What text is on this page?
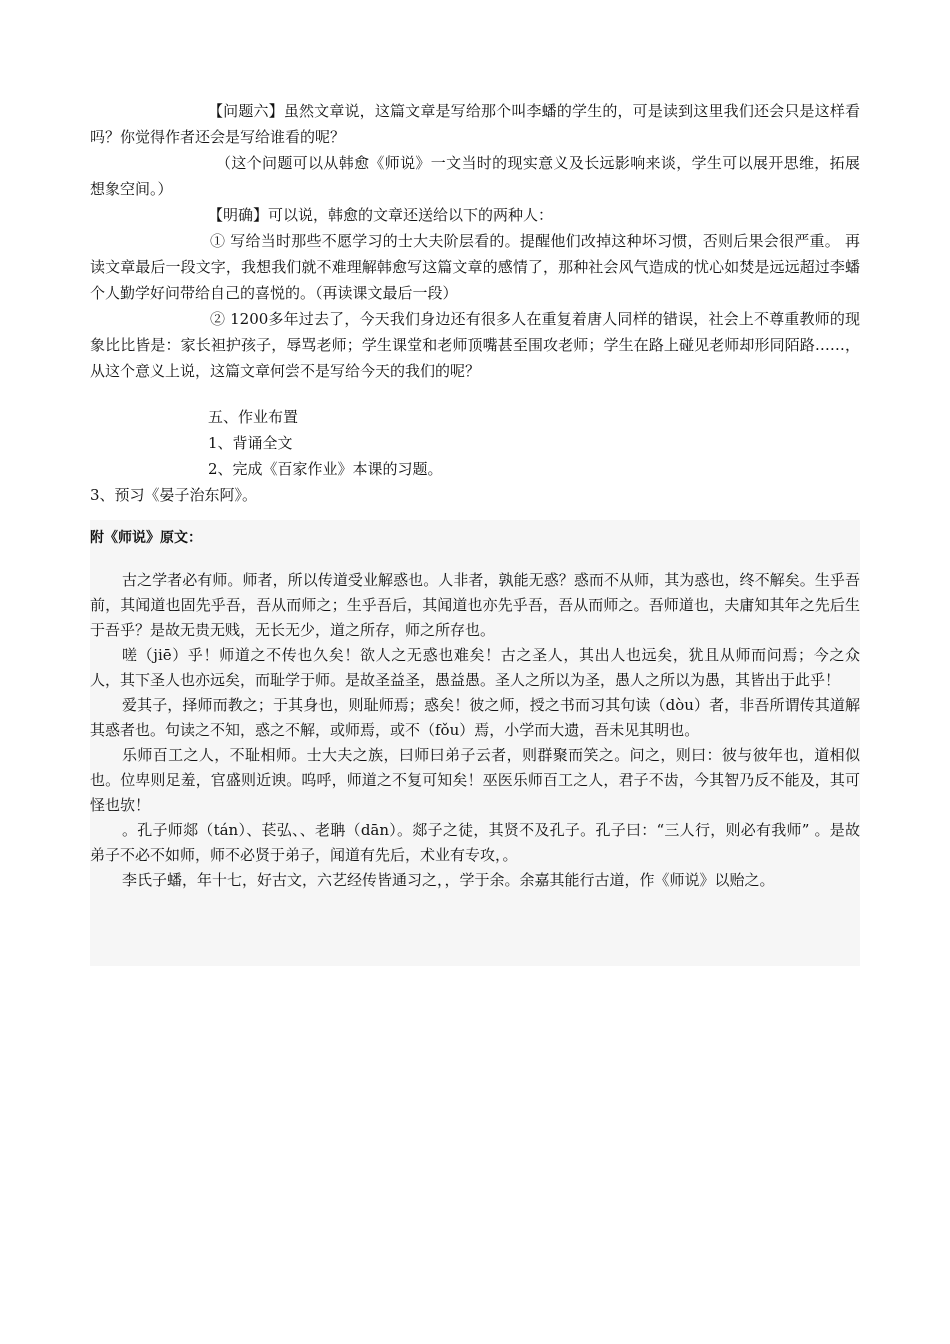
【问题六】虽然文章说，这篇文章是写给那个叫李蟠的学生的，可是读到这里我们还会只是这样看吗？你觉得作者还会是写给谁看的呢？

（这个问题可以从韩愈《师说》一文当时的现实意义及长远影响来谈，学生可以展开思维，拓展想象空间。）

【明确】可以说，韩愈的文章还送给以下的两种人：

① 写给当时那些不愿学习的士大夫阶层看的。提醒他们改掉这种坏习惯，否则后果会很严重。 再读文章最后一段文字，我想我们就不难理解韩愈写这篇文章的感情了，那种社会风气造成的忧心如焚是远远超过李蟠个人勤学好问带给自己的喜悦的。（再读课文最后一段）

② 1200多年过去了，今天我们身边还有很多人在重复着唐人同样的错误，社会上不尊重教师的现象比比皆是：家长袒护孩子，辱骂老师；学生课堂和老师顶嘴甚至围攻老师；学生在路上碰见老师却形同陌路……，从这个意义上说，这篇文章何尝不是写给今天的我们的呢？

五、作业布置

1、背诵全文

2、完成《百家作业》本课的习题。

3、预习《晏子治东阿》。

附《师说》原文：

古之学者必有师。师者，所以传道受业解惑也。人非者，孰能无惑？惑而不从师，其为惑也，终不解矣。生乎吾前，其闻道也固先乎吾，吾从而师之；生乎吾后，其闻道也亦先乎吾，吾从而师之。吾师道也，夫庸知其年之先后生于吾乎？是故无贵无贱，无长无少，道之所存，师之所存也。

嗟（jiē）乎！师道之不传也久矣！欲人之无惑也难矣！古之圣人，其出人也远矣，犹且从师而问焉；今之众人，其下圣人也亦远矣，而耻学于师。是故圣益圣，愚益愚。圣人之所以为圣，愚人之所以为愚，其皆出于此乎！

爱其子，择师而教之；于其身也，则耻师焉；惑矣！彼之师，授之书而习其句读（dòu）者，非吾所谓传其道解其惑者也。句读之不知，惑之不解，或师焉，或不（fǒu）焉，小学而大遗，吾未见其明也。

乐师百工之人，不耻相师。士大夫之族，曰师曰弟子云者，则群聚而笑之。问之，则曰：彼与彼年也，道相似也。位卑则足羞，官盛则近谀。呜呼，师道之不复可知矣！巫医乐师百工之人，君子不齿，今其智乃反不能及，其可怪也欤！

。孔子师郯（tán）、苌弘、、老聃（dān）。郯子之徒，其贤不及孔子。孔子曰：“三人行，则必有我师” 。是故弟子不必不如师，师不必贤于弟子，闻道有先后，术业有专攻，。

李氏子蟠，年十七，好古文，六艺经传皆通习之，，学于余。余嘉其能行古道，作《师说》以贻之。
